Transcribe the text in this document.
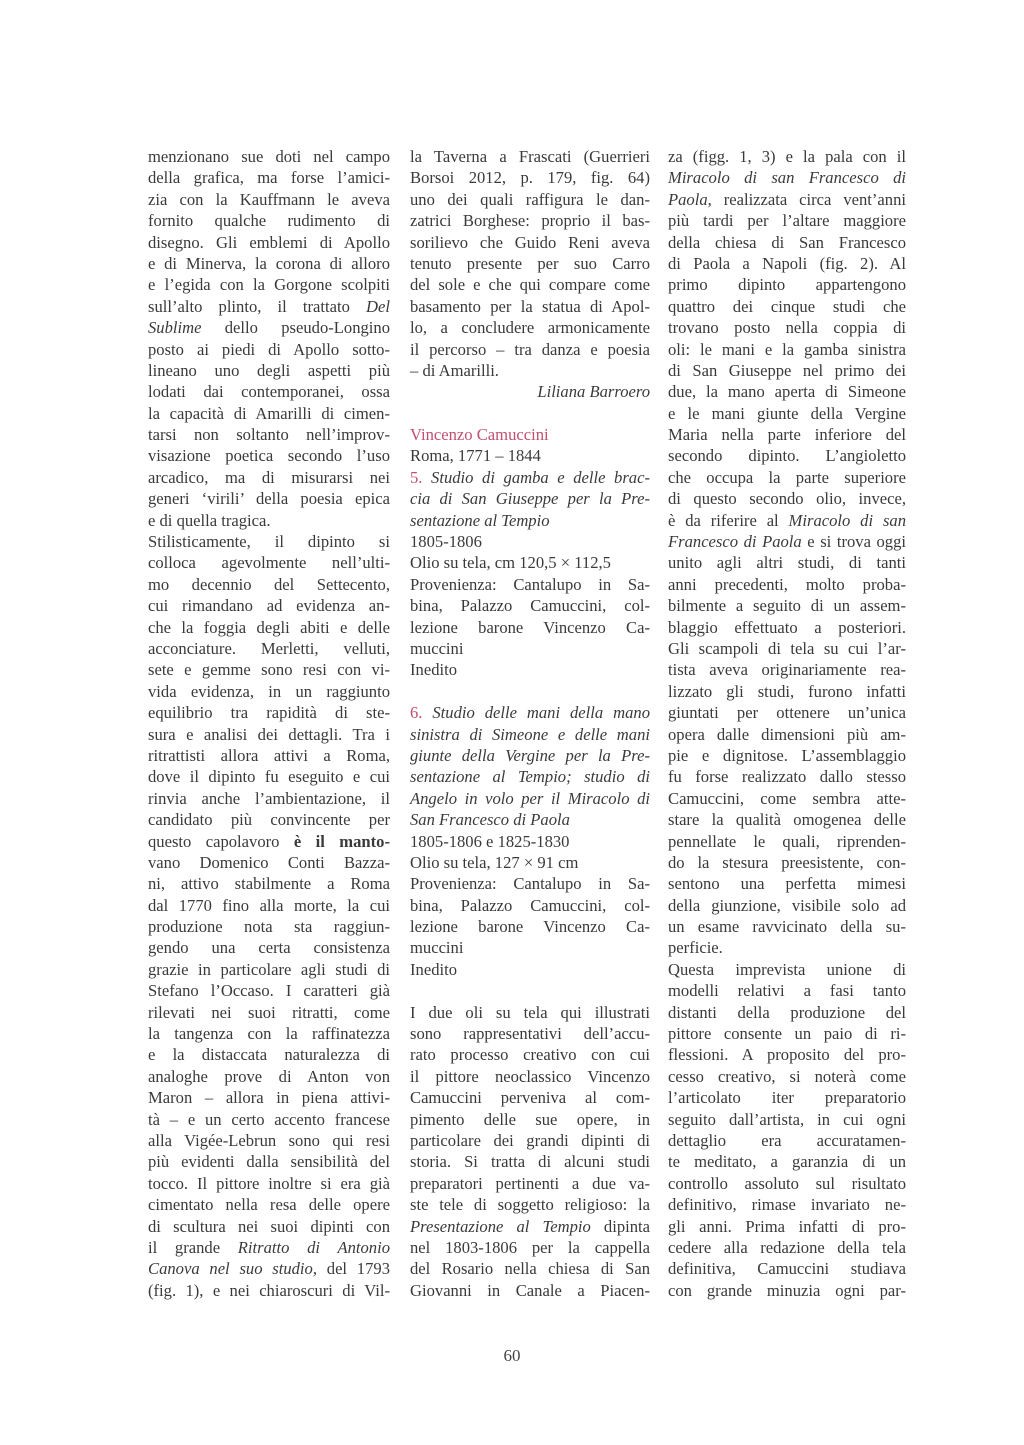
menzionano sue doti nel campo
della grafica, ma forse l’amici-
zia con la Kauffmann le aveva
fornito qualche rudimento di
disegno. Gli emblemi di Apollo
e di Minerva, la corona di alloro
e l’egida con la Gorgone scolpiti
sull’alto plinto, il trattato Del
Sublime dello pseudo-Longino
posto ai piedi di Apollo sotto-
lineano uno degli aspetti più
lodati dai contemporanei, ossa
la capacità di Amarilli di cimen-
tarsi non soltanto nell’improv-
visazione poetica secondo l’uso
arcadico, ma di misurarsi nei
generi ‘virili’ della poesia epica
e di quella tragica.
Stilisticamente, il dipinto si
colloca agevolmente nell’ulti-
mo decennio del Settecento,
cui rimandano ad evidenza an-
che la foggia degli abiti e delle
acconciature. Merletti, velluti,
sete e gemme sono resi con vi-
vida evidenza, in un raggiunto
equilibrio tra rapidità di ste-
sura e analisi dei dettagli. Tra i
ritrattisti allora attivi a Roma,
dove il dipinto fu eseguito e cui
rinvia anche l’ambientazione, il
candidato più convincente per
questo capolavoro è il manto-
vano Domenico Conti Bazza-
ni, attivo stabilmente a Roma
dal 1770 fino alla morte, la cui
produzione nota sta raggiun-
gendo una certa consistenza
grazie in particolare agli studi di
Stefano l’Occaso. I caratteri già
rilevati nei suoi ritratti, come
la tangenza con la raffinatezza
e la distaccata naturalezza di
analoghe prove di Anton von
Maron – allora in piena attivi-
tà – e un certo accento francese
alla Vigée-Lebrun sono qui resi
più evidenti dalla sensibilità del
tocco. Il pittore inoltre si era già
cimentato nella resa delle opere
di scultura nei suoi dipinti con
il grande Ritratto di Antonio
Canova nel suo studio, del 1793
(fig. 1), e nei chiaroscuri di Vil-
la Taverna a Frascati (Guerrieri
Borsoi 2012, p. 179, fig. 64)
uno dei quali raffigura le dan-
zatrici Borghese: proprio il bas-
sorilievo che Guido Reni aveva
tenuto presente per suo Carro
del sole e che qui compare come
basamento per la statua di Apol-
lo, a concludere armonicamente
il percorso – tra danza e poesia
– di Amarilli.
Liliana Barroero
Vincenzo Camuccini
Roma, 1771 – 1844
5. Studio di gamba e delle brac-
cia di San Giuseppe per la Pre-
sentazione al Tempio
1805-1806
Olio su tela, cm 120,5 × 112,5
Provenienza: Cantalupo in Sa-
bina, Palazzo Camuccini, col-
lezione barone Vincenzo Ca-
muccini
Inedito
6. Studio delle mani della mano
sinistra di Simeone e delle mani
giunte della Vergine per la Pre-
sentazione al Tempio; studio di
Angelo in volo per il Miracolo di
San Francesco di Paola
1805-1806 e 1825-1830
Olio su tela, 127 × 91 cm
Provenienza: Cantalupo in Sa-
bina, Palazzo Camuccini, col-
lezione barone Vincenzo Ca-
muccini
Inedito
I due oli su tela qui illustrati
sono rappresentativi dell’accu-
rato processo creativo con cui
il pittore neoclassico Vincenzo
Camuccini perveniva al com-
pimento delle sue opere, in
particolare dei grandi dipinti di
storia. Si tratta di alcuni studi
preparatori pertinenti a due va-
ste tele di soggetto religioso: la
Presentazione al Tempio dipinta
nel 1803-1806 per la cappella
del Rosario nella chiesa di San
Giovanni in Canale a Piacen-
za (figg. 1, 3) e la pala con il
Miracolo di san Francesco di
Paola, realizzata circa vent’anni
più tardi per l’altare maggiore
della chiesa di San Francesco
di Paola a Napoli (fig. 2). Al
primo dipinto appartengono
quattro dei cinque studi che
trovano posto nella coppia di
oli: le mani e la gamba sinistra
di San Giuseppe nel primo dei
due, la mano aperta di Simeone
e le mani giunte della Vergine
Maria nella parte inferiore del
secondo dipinto. L’angioletto
che occupa la parte superiore
di questo secondo olio, invece,
è da riferire al Miracolo di san
Francesco di Paola e si trova oggi
unito agli altri studi, di tanti
anni precedenti, molto proba-
bilmente a seguito di un assem-
blaggio effettuato a posteriori.
Gli scampoli di tela su cui l’ar-
tista aveva originariamente rea-
lizzato gli studi, furono infatti
giuntati per ottenere un’unica
opera dalle dimensioni più am-
pie e dignitose. L’assemblaggio
fu forse realizzato dallo stesso
Camuccini, come sembra atte-
stare la qualità omogenea delle
pennellate le quali, riprenden-
do la stesura preesistente, con-
sentono una perfetta mimesi
della giunzione, visibile solo ad
un esame ravvicinato della su-
perficie.
Questa imprevista unione di
modelli relativi a fasi tanto
distanti della produzione del
pittore consente un paio di ri-
flessioni. A proposito del pro-
cesso creativo, si noterà come
l’articolato iter preparatorio
seguito dall’artista, in cui ogni
dettaglio era accuratamen-
te meditato, a garanzia di un
controllo assoluto sul risultato
definitivo, rimase invariato ne-
gli anni. Prima infatti di pro-
cedere alla redazione della tela
definitiva, Camuccini studiava
con grande minuzia ogni par-
60
